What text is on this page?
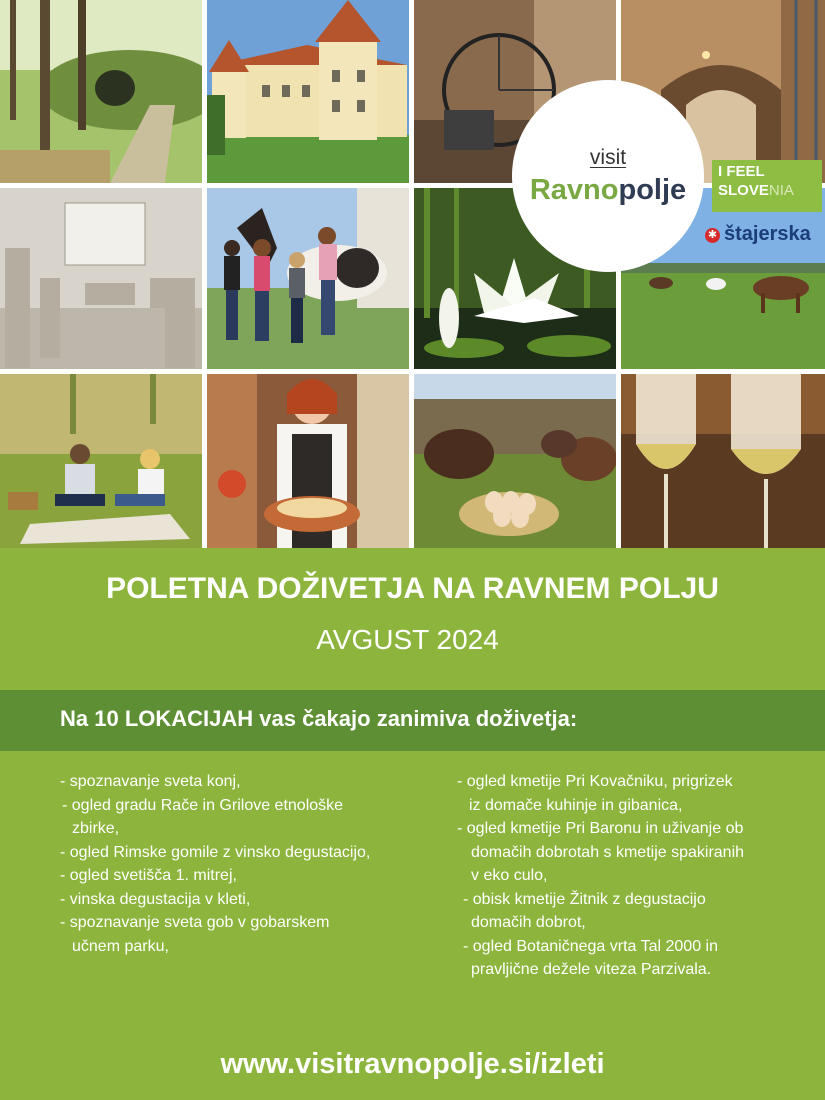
visit
Ravnopolje
I FEEL
SLOVENIA
✱ štajerska
POLETNA DOŽIVETJA NA RAVNEM POLJU
AVGUST 2024
Na 10 LOKACIJAH vas čakajo zanimiva doživetja:
- spoznavanje sveta konj,
- ogled gradu Rače in Grilove etnološke
zbirke,
- ogled Rimske gomile z vinsko degustacijo,
- ogled svetišča 1. mitrej,
- vinska degustacija v kleti,
- spoznavanje sveta gob v gobarskem
učnem parku,
- ogled kmetije Pri Kovačniku, prigrizek
iz domače kuhinje in gibanica,
- ogled kmetije Pri Baronu in uživanje ob
domačih dobrotah s kmetije spakiranih
v eko culo,
- obisk kmetije Žitnik z degustacijo
domačih dobrot,
- ogled Botaničnega vrta Tal 2000 in
pravljične dežele viteza Parzivala.
www.visitravnopolje.si/izleti
